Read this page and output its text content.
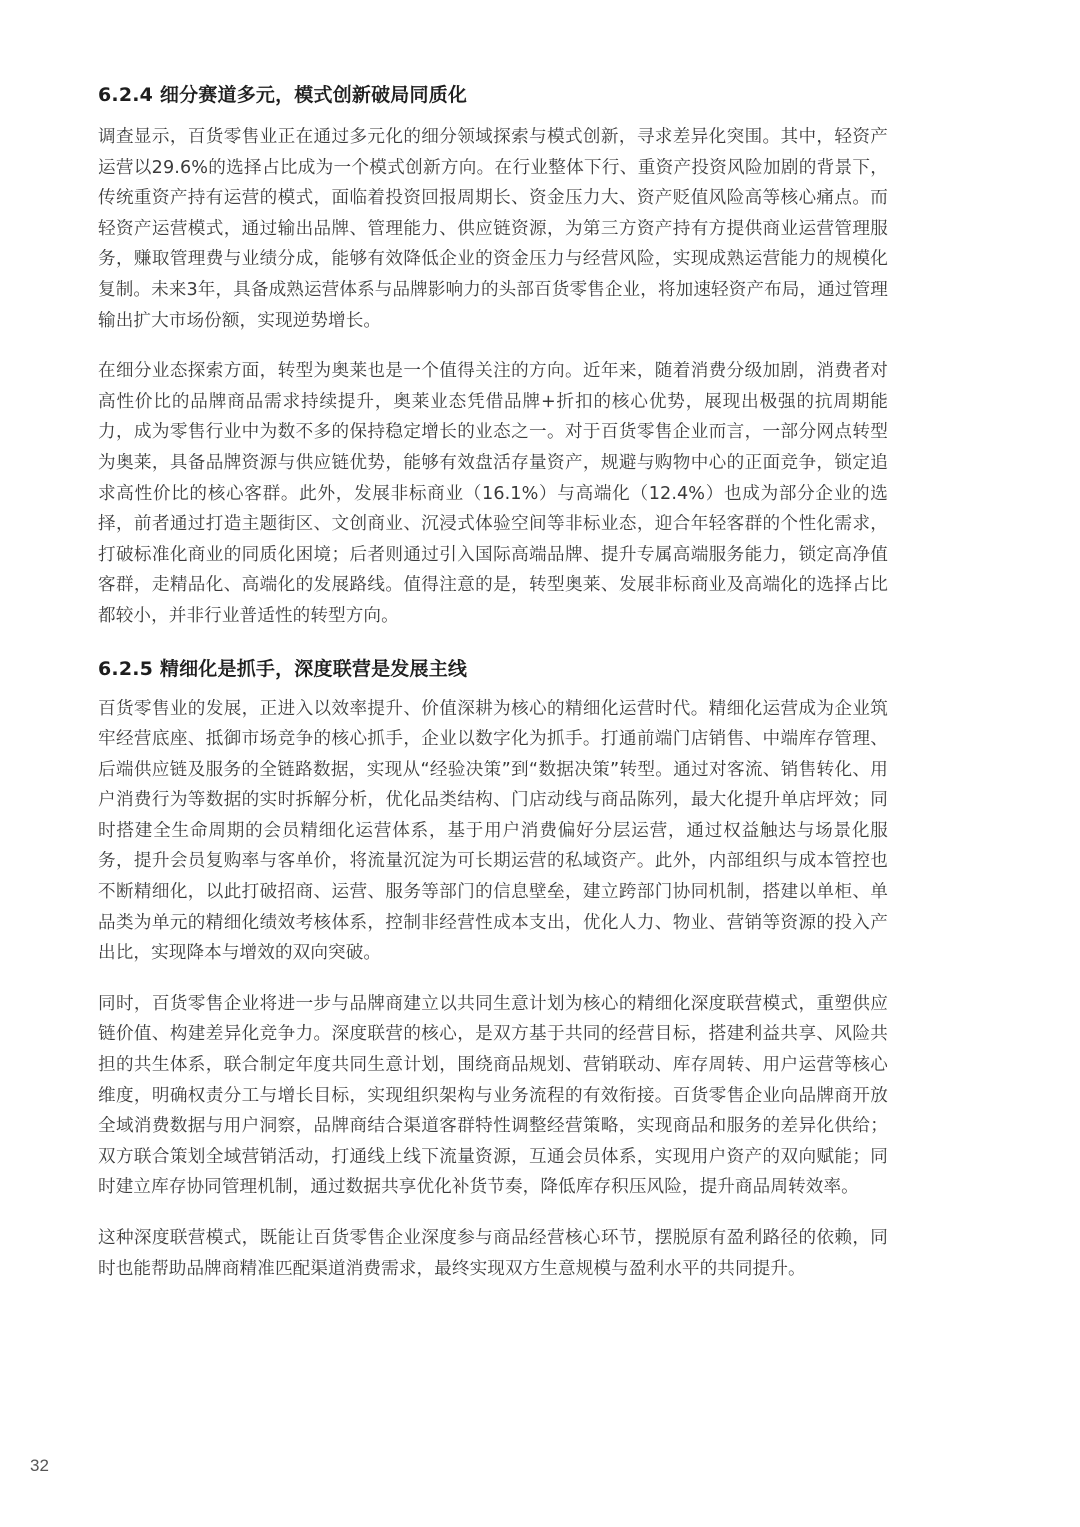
6.2.4 细分赛道多元，模式创新破局同质化

调查显示，百货零售业正在通过多元化的细分领域探索与模式创新，寻求差异化突围。其中，轻资产运营以29.6%的选择占比成为一个模式创新方向。在行业整体下行、重资产投资风险加剧的背景下，传统重资产持有运营的模式，面临着投资回报周期长、资金压力大、资产贬值风险高等核心痛点。而轻资产运营模式，通过输出品牌、管理能力、供应链资源，为第三方资产持有方提供商业运营管理服务，赚取管理费与业绩分成，能够有效降低企业的资金压力与经营风险，实现成熟运营能力的规模化复制。未来3年，具备成熟运营体系与品牌影响力的头部百货零售企业，将加速轻资产布局，通过管理输出扩大市场份额，实现逆势增长。

在细分业态探索方面，转型为奥莱也是一个值得关注的方向。近年来，随着消费分级加剧，消费者对高性价比的品牌商品需求持续提升，奥莱业态凭借品牌+折扣的核心优势，展现出极强的抗周期能力，成为零售行业中为数不多的保持稳定增长的业态之一。对于百货零售企业而言，一部分网点转型为奥莱，具备品牌资源与供应链优势，能够有效盘活存量资产，规避与购物中心的正面竞争，锁定追求高性价比的核心客群。此外，发展非标商业（16.1%）与高端化（12.4%）也成为部分企业的选择，前者通过打造主题街区、文创商业、沉浸式体验空间等非标业态，迎合年轻客群的个性化需求，打破标准化商业的同质化困境；后者则通过引入国际高端品牌、提升专属高端服务能力，锁定高净值客群，走精品化、高端化的发展路线。值得注意的是，转型奥莱、发展非标商业及高端化的选择占比都较小，并非行业普适性的转型方向。

6.2.5 精细化是抓手，深度联营是发展主线

百货零售业的发展，正进入以效率提升、价值深耕为核心的精细化运营时代。精细化运营成为企业筑牢经营底座、抵御市场竞争的核心抓手，企业以数字化为抓手。打通前端门店销售、中端库存管理、后端供应链及服务的全链路数据，实现从“经验决策”到“数据决策”转型。通过对客流、销售转化、用户消费行为等数据的实时拆解分析，优化品类结构、门店动线与商品陈列，最大化提升单店坪效；同时搭建全生命周期的会员精细化运营体系，基于用户消费偏好分层运营，通过权益触达与场景化服务，提升会员复购率与客单价，将流量沉淀为可长期运营的私域资产。此外，内部组织与成本管控也不断精细化，以此打破招商、运营、服务等部门的信息壁垒，建立跨部门协同机制，搭建以单柜、单品类为单元的精细化绩效考核体系，控制非经营性成本支出，优化人力、物业、营销等资源的投入产出比，实现降本与增效的双向突破。

同时，百货零售企业将进一步与品牌商建立以共同生意计划为核心的精细化深度联营模式，重塑供应链价值、构建差异化竞争力。深度联营的核心，是双方基于共同的经营目标，搭建利益共享、风险共担的共生体系，联合制定年度共同生意计划，围绕商品规划、营销联动、库存周转、用户运营等核心维度，明确权责分工与增长目标，实现组织架构与业务流程的有效衔接。百货零售企业向品牌商开放全域消费数据与用户洞察，品牌商结合渠道客群特性调整经营策略，实现商品和服务的差异化供给；双方联合策划全域营销活动，打通线上线下流量资源，互通会员体系，实现用户资产的双向赋能；同时建立库存协同管理机制，通过数据共享优化补货节奏，降低库存积压风险，提升商品周转效率。

这种深度联营模式，既能让百货零售企业深度参与商品经营核心环节，摆脱原有盈利路径的依赖，同时也能帮助品牌商精准匹配渠道消费需求，最终实现双方生意规模与盈利水平的共同提升。

32
